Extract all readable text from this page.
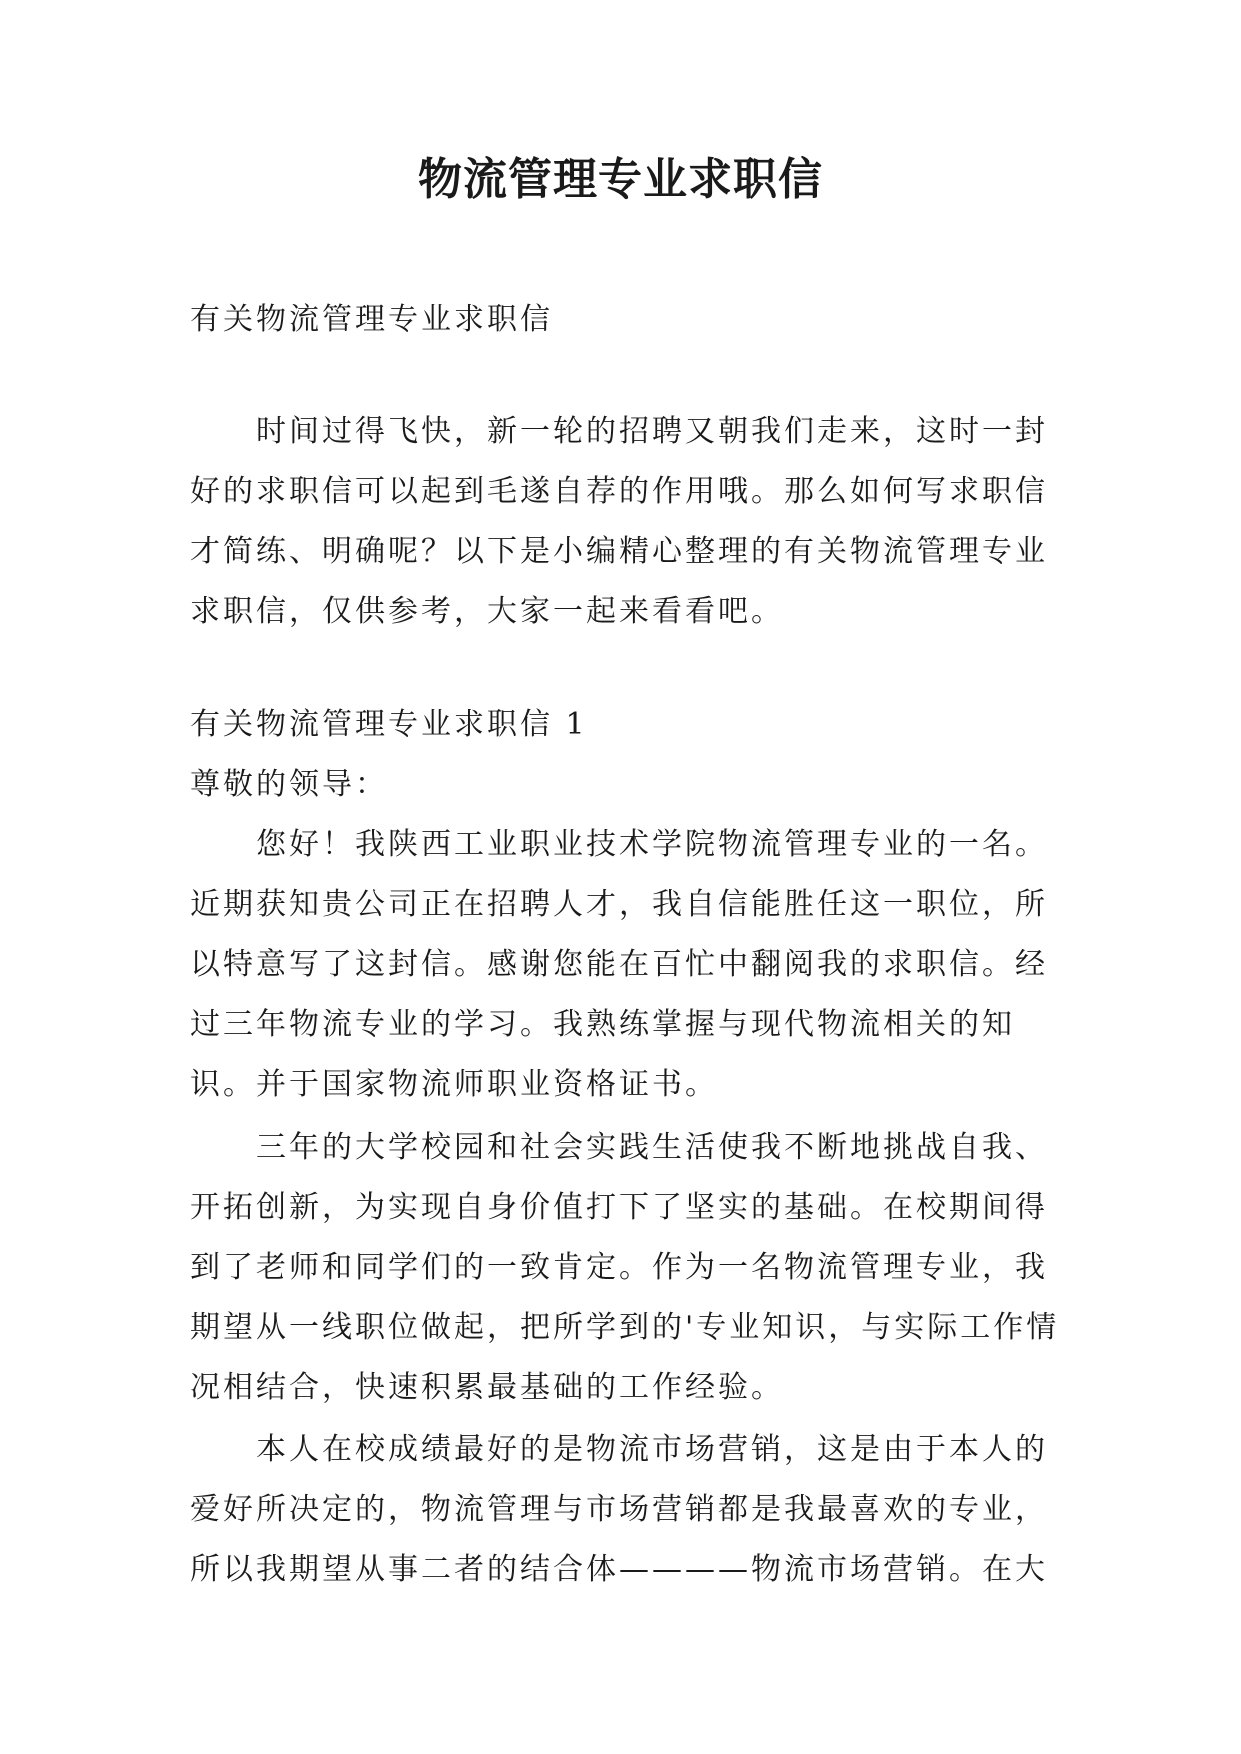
物流管理专业求职信

有关物流管理专业求职信

时间过得飞快，新一轮的招聘又朝我们走来，这时一封好的求职信可以起到毛遂自荐的作用哦。那么如何写求职信才简练、明确呢？以下是小编精心整理的有关物流管理专业求职信，仅供参考，大家一起来看看吧。

有关物流管理专业求职信 1

尊敬的领导：

您好！我陕西工业职业技术学院物流管理专业的一名。近期获知贵公司正在招聘人才，我自信能胜任这一职位，所以特意写了这封信。感谢您能在百忙中翻阅我的求职信。经过三年物流专业的学习。我熟练掌握与现代物流相关的知识。并于国家物流师职业资格证书。

三年的大学校园和社会实践生活使我不断地挑战自我、开拓创新，为实现自身价值打下了坚实的基础。在校期间得到了老师和同学们的一致肯定。作为一名物流管理专业，我期望从一线职位做起，把所学到的'专业知识，与实际工作情况相结合，快速积累最基础的工作经验。

本人在校成绩最好的是物流市场营销，这是由于本人的爱好所决定的，物流管理与市场营销都是我最喜欢的专业，所以我期望从事二者的结合体————物流市场营销。在大
